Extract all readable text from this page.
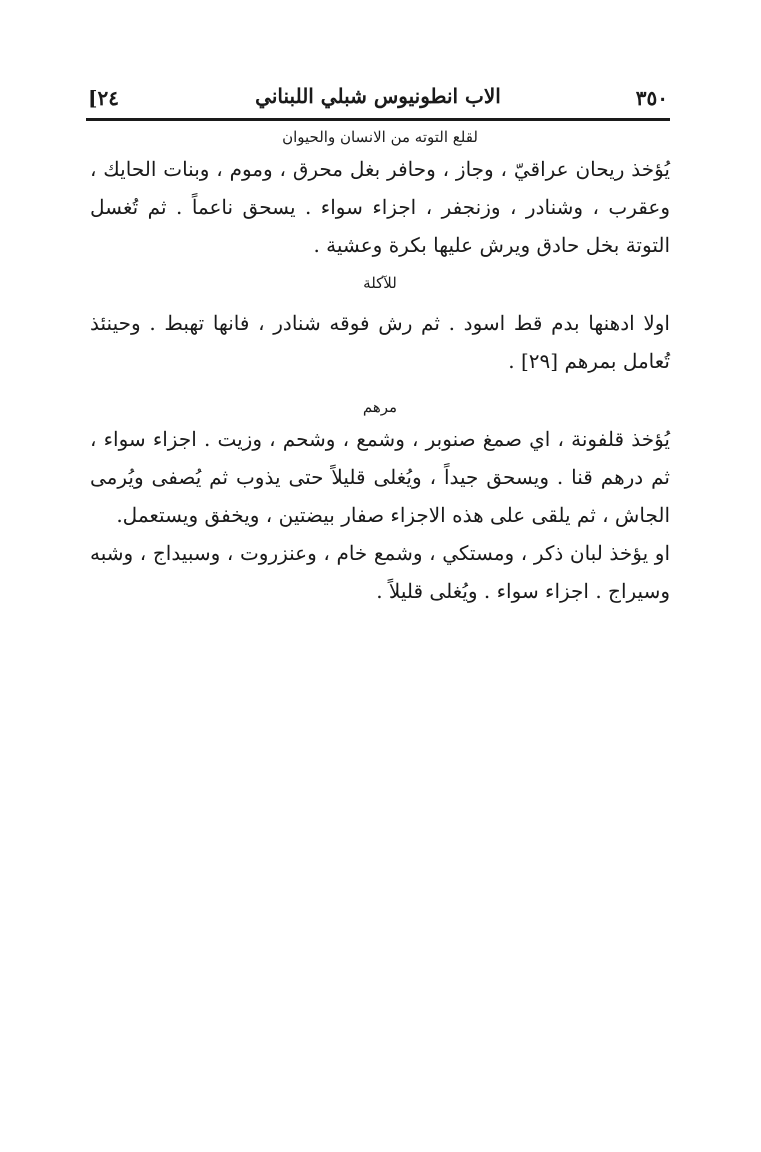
٣٥٠
الاب انطونيوس شبلي اللبناني
[٢٤

لقلع التوته من الانسان والحيوان

يُؤخذ ريحان عراقيّ ، وجاز ، وحافر بغل محرق ، وموم ، وبنات الحايك ، وعقرب ، وشنادر ، وزنجفر ، اجزاء سواء . يسحق ناعماً . ثم تُغسل التوتة بخل حادق ويرش عليها بكرة وعشية .

للآكلة

اولا ادهنها بدم قط اسود . ثم رش فوقه شنادر ، فانها تهبط . وحينئذ تُعامل بمرهم [٢٩] .

مرهم

يُؤخذ قلفونة ، اي صمغ صنوبر ، وشمع ، وشحم ، وزيت . اجزاء سواء ، ثم درهم قنا . ويسحق جيداً ، ويُغلى قليلاً حتى يذوب ثم يُصفى ويُرمى الجاش ، ثم يلقى على هذه الاجزاء صفار بيضتين ، ويخفق ويستعمل.

او يؤخذ لبان ذكر ، ومستكي ، وشمع خام ، وعنزروت ، وسبيداج ، وشبه وسيراج . اجزاء سواء . ويُغلى قليلاً .
